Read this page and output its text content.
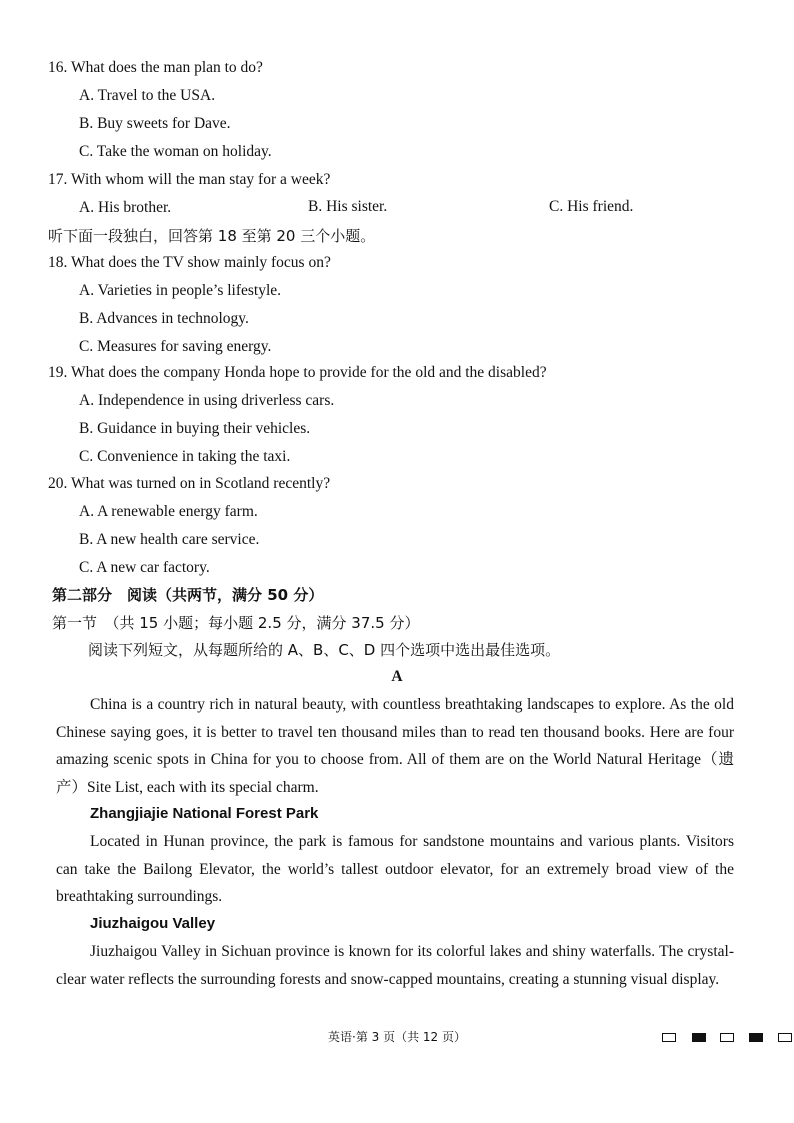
16. What does the man plan to do?
A. Travel to the USA.
B. Buy sweets for Dave.
C. Take the woman on holiday.
17. With whom will the man stay for a week?
A. His brother.	B. His sister.	C. His friend.
听下面一段独白，回答第 18 至第 20 三个小题。
18. What does the TV show mainly focus on?
A. Varieties in people’s lifestyle.
B. Advances in technology.
C. Measures for saving energy.
19. What does the company Honda hope to provide for the old and the disabled?
A. Independence in using driverless cars.
B. Guidance in buying their vehicles.
C. Convenience in taking the taxi.
20. What was turned on in Scotland recently?
A. A renewable energy farm.
B. A new health care service.
C. A new car factory.
第二部分　阅读（共两节，满分 50 分）
第一节　（共 15 小题；每小题 2.5 分，满分 37.5 分）
阅读下列短文，从每题所给的 A、B、C、D 四个选项中选出最佳选项。
A
China is a country rich in natural beauty, with countless breathtaking landscapes to explore. As the old Chinese saying goes, it is better to travel ten thousand miles than to read ten thousand books. Here are four amazing scenic spots in China for you to choose from. All of them are on the World Natural Heritage（遗产）Site List, each with its special charm.
Zhangjiajie National Forest Park
Located in Hunan province, the park is famous for sandstone mountains and various plants. Visitors can take the Bailong Elevator, the world’s tallest outdoor elevator, for an extremely broad view of the breathtaking surroundings.
Jiuzhaigou Valley
Jiuzhaigou Valley in Sichuan province is known for its colorful lakes and shiny waterfalls. The crystal-clear water reflects the surrounding forests and snow-capped mountains, creating a stunning visual display.
英语·第 3 页（共 12 页）
